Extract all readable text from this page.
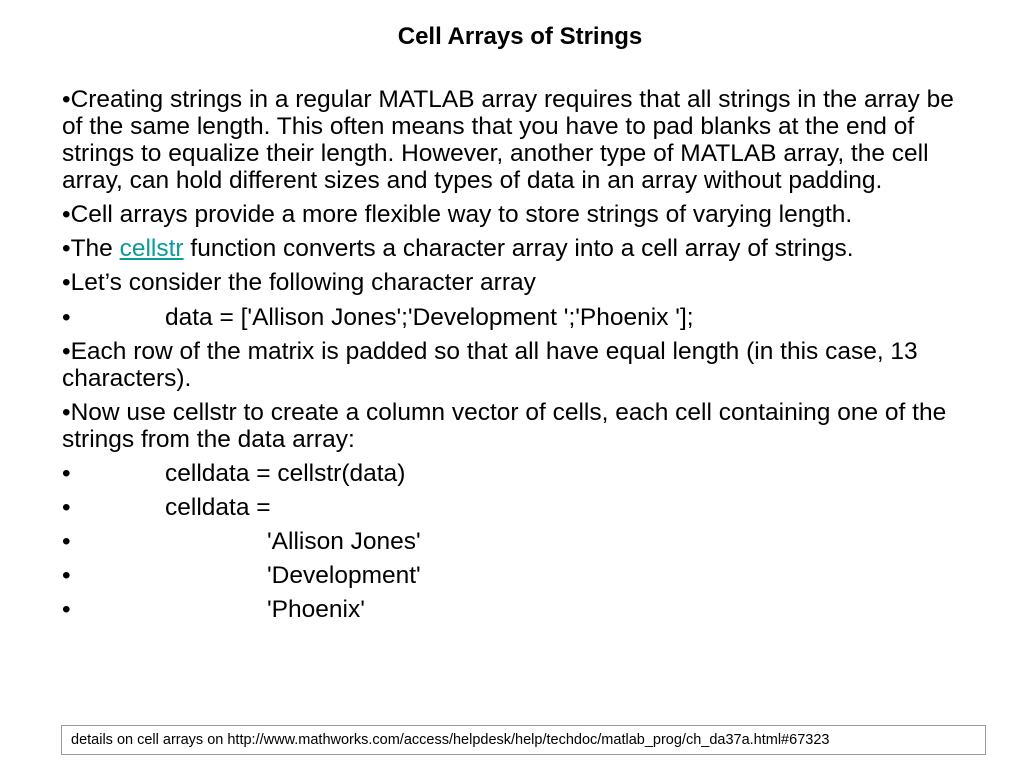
Cell Arrays of Strings

•Creating strings in a regular MATLAB array requires that all strings in the array be of the same length. This often means that you have to pad blanks at the end of strings to equalize their length. However, another type of MATLAB array, the cell array, can hold different sizes and types of data in an array without padding.

•Cell arrays provide a more flexible way to store strings of varying length.

•The cellstr function converts a character array into a cell array of strings.

•Let’s consider the following character array

•	data = ['Allison Jones';'Development ';'Phoenix '];

•Each row of the matrix is padded so that all have equal length (in this case, 13 characters).

•Now use cellstr to create a column vector of cells, each cell containing one of the strings from the data array:

•	celldata = cellstr(data)
•	celldata =
•	'Allison Jones'
•	'Development'
•	'Phoenix'
details on cell arrays on http://www.mathworks.com/access/helpdesk/help/techdoc/matlab_prog/ch_da37a.html#67323
